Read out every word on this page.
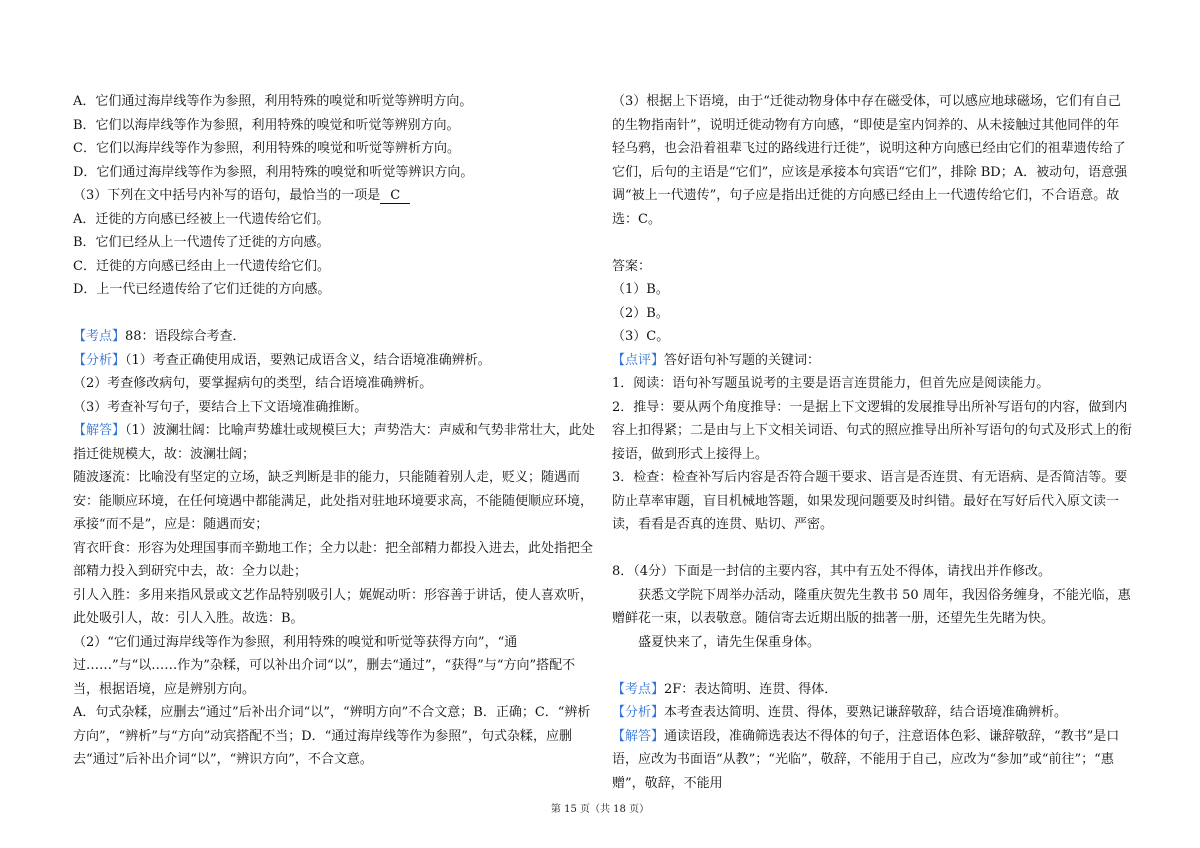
A．它们通过海岸线等作为参照，利用特殊的嗅觉和听觉等辨明方向。

B．它们以海岸线等作为参照，利用特殊的嗅觉和听觉等辨别方向。

C．它们以海岸线等作为参照，利用特殊的嗅觉和听觉等辨析方向。

D．它们通过海岸线等作为参照，利用特殊的嗅觉和听觉等辨识方向。

（3）下列在文中括号内补写的语句，最恰当的一项是 C

A．迁徙的方向感已经被上一代遗传给它们。

B．它们已经从上一代遗传了迁徙的方向感。

C．迁徙的方向感已经由上一代遗传给它们。

D．上一代已经遗传给了它们迁徙的方向感。

【考点】88：语段综合考查．

【分析】（1）考查正确使用成语，要熟记成语含义，结合语境准确辨析。

（2）考查修改病句，要掌握病句的类型，结合语境准确辨析。

（3）考查补写句子，要结合上下文语境准确推断。

【解答】（1）波澜壮阔：比喻声势雄壮或规模巨大；声势浩大：声威和气势非常壮大，此处指迁徙规模大，故：波澜壮阔；

随波逐流：比喻没有坚定的立场，缺乏判断是非的能力，只能随着别人走，贬义；随遇而安：能顺应环境，在任何境遇中都能满足，此处指对驻地环境要求高，不能随便顺应环境，承接“而不是”，应是：随遇而安；

宵衣旰食：形容为处理国事而辛勤地工作；全力以赴：把全部精力都投入进去，此处指把全部精力投入到研究中去，故：全力以赴；

引人入胜：多用来指风景或文艺作品特别吸引人；娓娓动听：形容善于讲话，使人喜欢听，此处吸引人，故：引人入胜。故选：B。

（2）“它们通过海岸线等作为参照，利用特殊的嗅觉和听觉等获得方向”，“通过……”与“以……作为”杂糅，可以补出介词“以”，删去“通过”，“获得”与“方向”搭配不当，根据语境，应是辨别方向。

A．句式杂糅，应删去“通过”后补出介词“以”，“辨明方向”不合文意；B．正确；C．“辨析方向”，“辨析”与“方向”动宾搭配不当；D．“通过海岸线等作为参照”，句式杂糅，应删去“通过”后补出介词“以”，“辨识方向”，不合文意。

（3）根据上下语境，由于“迁徙动物身体中存在磁受体，可以感应地球磁场，它们有自己的生物指南针”，说明迁徙动物有方向感，“即使是室内饲养的、从未接触过其他同伴的年轻乌鸦，也会沿着祖辈飞过的路线进行迁徙”，说明这种方向感已经由它们的祖辈遗传给了它们，后句的主语是“它们”，应该是承接本句宾语“它们”，排除 BD；A．被动句，语意强调“被上一代遗传”，句子应是指出迁徙的方向感已经由上一代遗传给它们，不合语意。故选：C。

答案：

（1）B。

（2）B。

（3）C。

【点评】答好语句补写题的关键词：

1．阅读：语句补写题虽说考的主要是语言连贯能力，但首先应是阅读能力。

2．推导：要从两个角度推导：一是据上下文逻辑的发展推导出所补写语句的内容，做到内容上扣得紧；二是由与上下文相关词语、句式的照应推导出所补写语句的句式及形式上的衔接语，做到形式上接得上。

3．检查：检查补写后内容是否符合题干要求、语言是否连贯、有无语病、是否简洁等。要防止草率审题，盲目机械地答题，如果发现问题要及时纠错。最好在写好后代入原文读一读，看看是否真的连贯、贴切、严密。

8．（4分）下面是一封信的主要内容，其中有五处不得体，请找出并作修改。

获悉文学院下周举办活动，隆重庆贺先生教书 50 周年，我因俗务缠身，不能光临，惠赠鲜花一束，以表敬意。随信寄去近期出版的拙著一册，还望先生先睹为快。

盛夏快来了，请先生保重身体。

【考点】2F：表达简明、连贯、得体．

【分析】本考查表达简明、连贯、得体，要熟记谦辞敬辞，结合语境准确辨析。

【解答】通读语段，准确筛选表达不得体的句子，注意语体色彩、谦辞敬辞，“教书”是口语，应改为书面语“从教”；“光临”，敬辞，不能用于自己，应改为“参加”或“前往”；“惠赠”，敬辞，不能用

第 15 页（共 18 页）
